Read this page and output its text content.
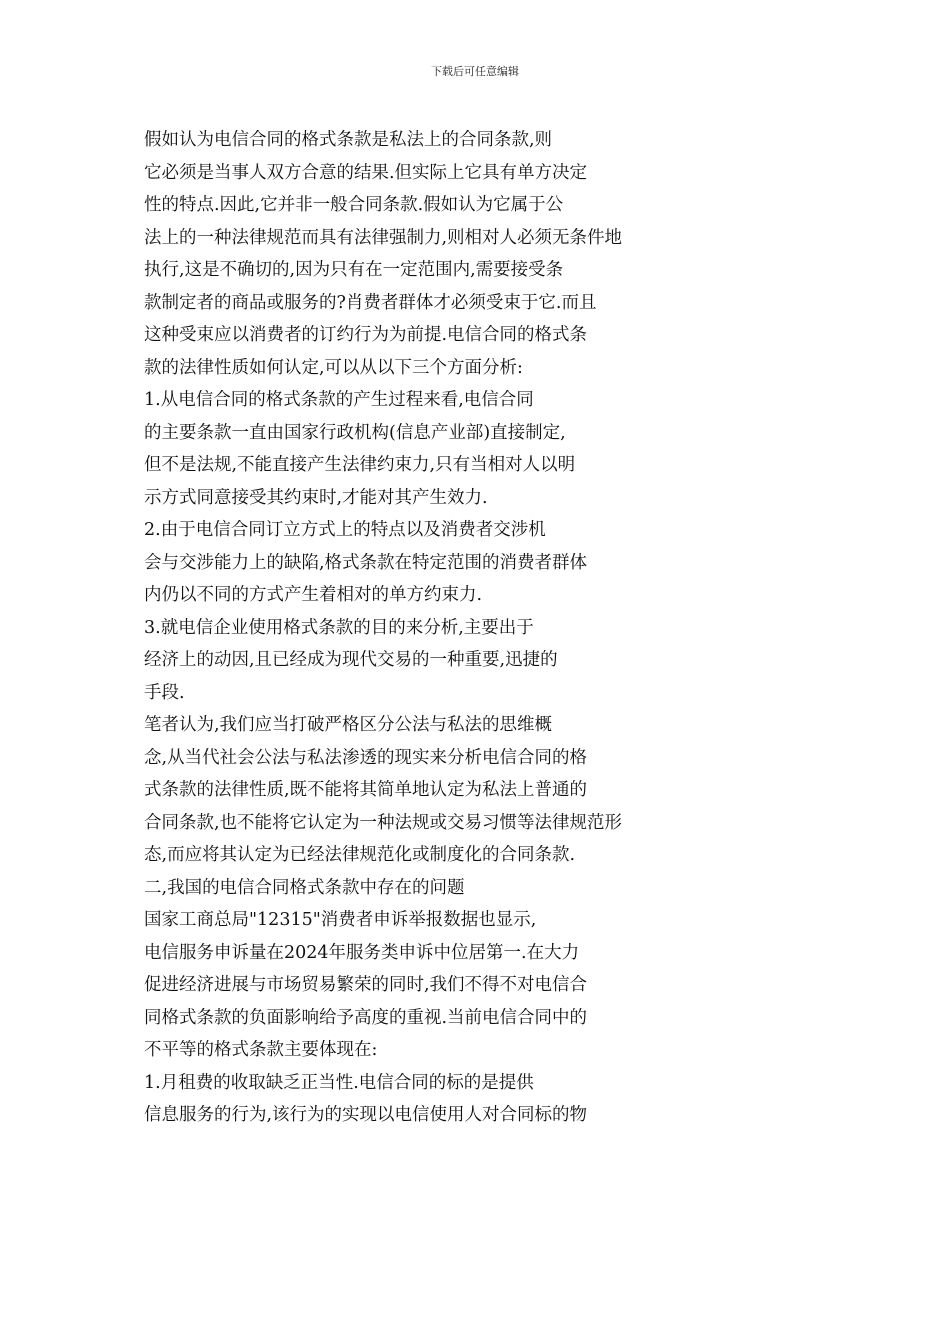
下载后可任意编辑
假如认为电信合同的格式条款是私法上的合同条款,则
它必须是当事人双方合意的结果.但实际上它具有单方决定
性的特点.因此,它并非一般合同条款.假如认为它属于公
法上的一种法律规范而具有法律强制力,则相对人必须无条件地
执行,这是不确切的,因为只有在一定范围内,需要接受条
款制定者的商品或服务的?肖费者群体才必须受束于它.而且
这种受束应以消费者的订约行为为前提.电信合同的格式条
款的法律性质如何认定,可以从以下三个方面分析:
1.从电信合同的格式条款的产生过程来看,电信合同
的主要条款一直由国家行政机构(信息产业部)直接制定,
但不是法规,不能直接产生法律约束力,只有当相对人以明
示方式同意接受其约束时,才能对其产生效力.
2.由于电信合同订立方式上的特点以及消费者交涉机
会与交涉能力上的缺陷,格式条款在特定范围的消费者群体
内仍以不同的方式产生着相对的单方约束力.
3.就电信企业使用格式条款的目的来分析,主要出于
经济上的动因,且已经成为现代交易的一种重要,迅捷的
手段.
笔者认为,我们应当打破严格区分公法与私法的思维概
念,从当代社会公法与私法渗透的现实来分析电信合同的格
式条款的法律性质,既不能将其简单地认定为私法上普通的
合同条款,也不能将它认定为一种法规或交易习惯等法律规范形
态,而应将其认定为已经法律规范化或制度化的合同条款.
二,我国的电信合同格式条款中存在的问题
国家工商总局"12315"消费者申诉举报数据也显示,
电信服务申诉量在2024年服务类申诉中位居第一.在大力
促进经济进展与市场贸易繁荣的同时,我们不得不对电信合
同格式条款的负面影响给予高度的重视.当前电信合同中的
不平等的格式条款主要体现在:
1.月租费的收取缺乏正当性.电信合同的标的是提供
信息服务的行为,该行为的实现以电信使用人对合同标的物
